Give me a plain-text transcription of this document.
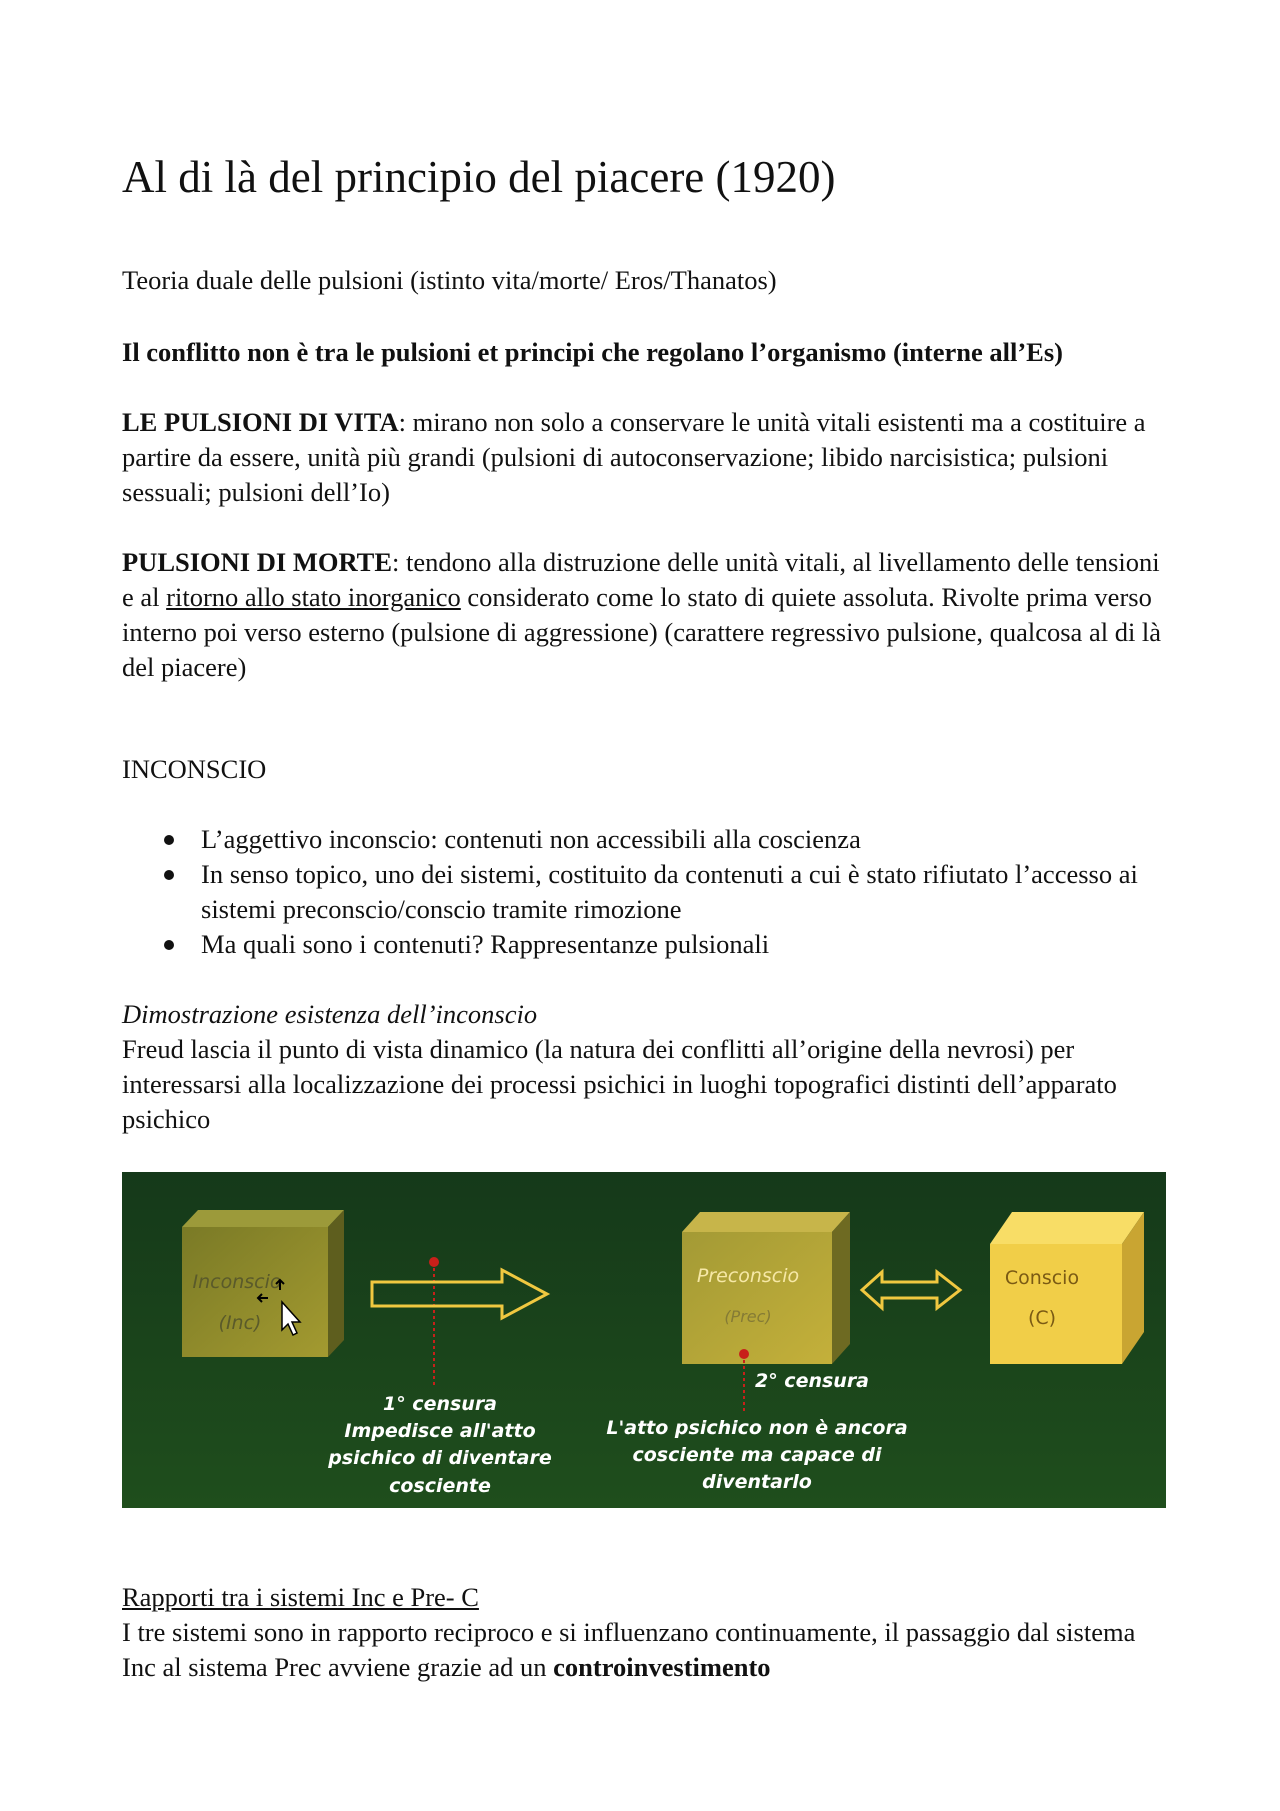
Al di là del principio del piacere (1920)

Teoria duale delle pulsioni (istinto vita/morte/ Eros/Thanatos)

Il conflitto non è tra le pulsioni et principi che regolano l’organismo (interne all’Es)

LE PULSIONI DI VITA: mirano non solo a conservare le unità vitali esistenti ma a costituire a partire da essere, unità più grandi (pulsioni di autoconservazione; libido narcisistica; pulsioni sessuali; pulsioni dell’Io)

PULSIONI DI MORTE: tendono alla distruzione delle unità vitali, al livellamento delle tensioni e al ritorno allo stato inorganico considerato come lo stato di quiete assoluta. Rivolte prima verso interno poi verso esterno (pulsione di aggressione) (carattere regressivo pulsione, qualcosa al di là del piacere)

INCONSCIO

L’aggettivo inconscio: contenuti non accessibili alla coscienza
In senso topico, uno dei sistemi, costituito da contenuti a cui è stato rifiutato l’accesso ai sistemi preconscio/conscio tramite rimozione
Ma quali sono i contenuti? Rappresentanze pulsionali

Dimostrazione esistenza dell’inconscio

Freud lascia il punto di vista dinamico (la natura dei conflitti all’origine della nevrosi) per interessarsi alla localizzazione dei processi psichici in luoghi topografici distinti dell’apparato psichico

Inconscio
(Inc)
Preconscio
(Prec)
Conscio
(C)
1° censura
Impedisce all'atto
psichico di diventare
cosciente
2° censura
L'atto psichico non è ancora
cosciente ma capace di
diventarlo

Rapporti tra i sistemi Inc e Pre- C

I tre sistemi sono in rapporto reciproco e si influenzano continuamente, il passaggio dal sistema Inc al sistema Prec avviene grazie ad un controinvestimento
